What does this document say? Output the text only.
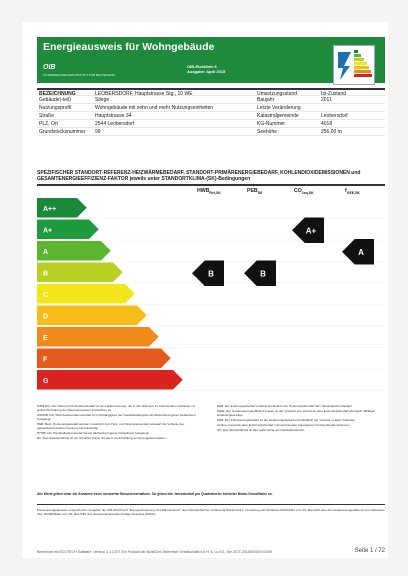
Energieausweis für Wohngebäude
OIB
ÖSTERREICHISCHES INSTITUT FÜR BAUTECHNIK
OIB-Richtlinie 6
Ausgabe: April 2015
BEZEICHNUNG	LEOBERSDORF, Hauptstrasse Stg., 10 WE	Umsetzungsstand	Ist-Zustand
Gebäude(-teil)	Stiege	Baujahr	2011
Nutzungsprofil	Wohngebäude mit zehn und mehr Nutzungseinheiten	Letzte Veränderung
Straße	Hauptstrasse 34	Katastralgemeinde	Leobersdorf
PLZ, Ort	2544 Leobersdorf	KG-Nummer	4018
Grundstücksnummer	99	Seehöhe	256,00 m
SPEZIFISCHER STANDORT-REFERENZ-HEIZWÄRMEBEDARF, STANDORT-PRIMÄRENERGIEBEDARF, KOHLENDIOXIDEMISSIONEN und GESAMTENERGIEEFFIZIENZ-FAKTOR jeweils unter STANDORTKLIMA-(SK)-Bedingungen
$HWB_{Ref,SK}$	$PEB_{SK}$	$CO_{2eq,SK}$	$f_{GEE,SK}$
A++
A+
A
B
C
D
E
F
G
B	B
A+
A

HWB Ref: Der Referenz-Heizwärmebedarf ist jene Wärmemenge, die in den Räumen zu beheizenden Gebäude zur Aufrechterhaltung der Raumtemperatur zuzuführen ist.

WWWB: Der Warmwasserwärmebedarf ist in Abhängigkeit der Gebäudekategorie als flächenbezogener Defaultwert festgelegt.

HEB: Beim Heizenergiebedarf werden zusätzlich zum Heiz- und Warmwasserwärmebedarf die Verluste des gebäudetechnischen Systems berücksichtigt.

HHSB: Der Haushaltsstrombedarf ist als flächenbezogener Defaultwert festgelegt.

RK: Das Referenzklima ist ein virtuelles Klima. Es dient zur Ermittlung von Energiekennzahlen.

EEB: Der Endenergiebedarf umfasst zusätzlich zum Heizenergiebedarf den Haushaltsstrombedarf.

fGEE: Der Gesamtenergieeffizienz-Faktor ist der Quotient aus einerseits dem Endenergiebedarf abzüglich allfälliger Endenergieerträge.

PEB: Der Primärenergiebedarf ist der Endenergiebedarf einschließlich der Verluste in allen Vorketten.

CO2eq: Gesamte dem Endenergiebedarf zuzurechnenden äquivalenten Kohlendioxidemissionen.

SK: Das Standortklima ist das reale Klima am Gebäudestandort.

Alle Werte gelten unter der Annahme eines normierten Benutzerverhaltens. Sie geben den Jahresbedarf pro Quadratmeter beheizter Brutto-Grundfläche an.
Dieser Energieausweis entspricht den Vorgaben der OIB-Richtlinie 6 "Energieeinsparung und Wärmeschutz" des Österreichischen Instituts für Bautechnik in Umsetzung der Richtlinie 2010/31/EU vom 19. Mai 2010 über die Gesamtenergieeffizienz von Gebäuden bzw. 2018/844/EU vom 30. Mai 2018 und des Energieausweis-Vorlage-Gesetzes (EAVG).
Berechnet mit ECOTECH Software, Version 3.3.1370. Ein Produkt der BuildCert Österreich Gesellschaft m.b.H. & Co.KG, Ser.-ECT-201480290XX4309	Seite 1 / 72
